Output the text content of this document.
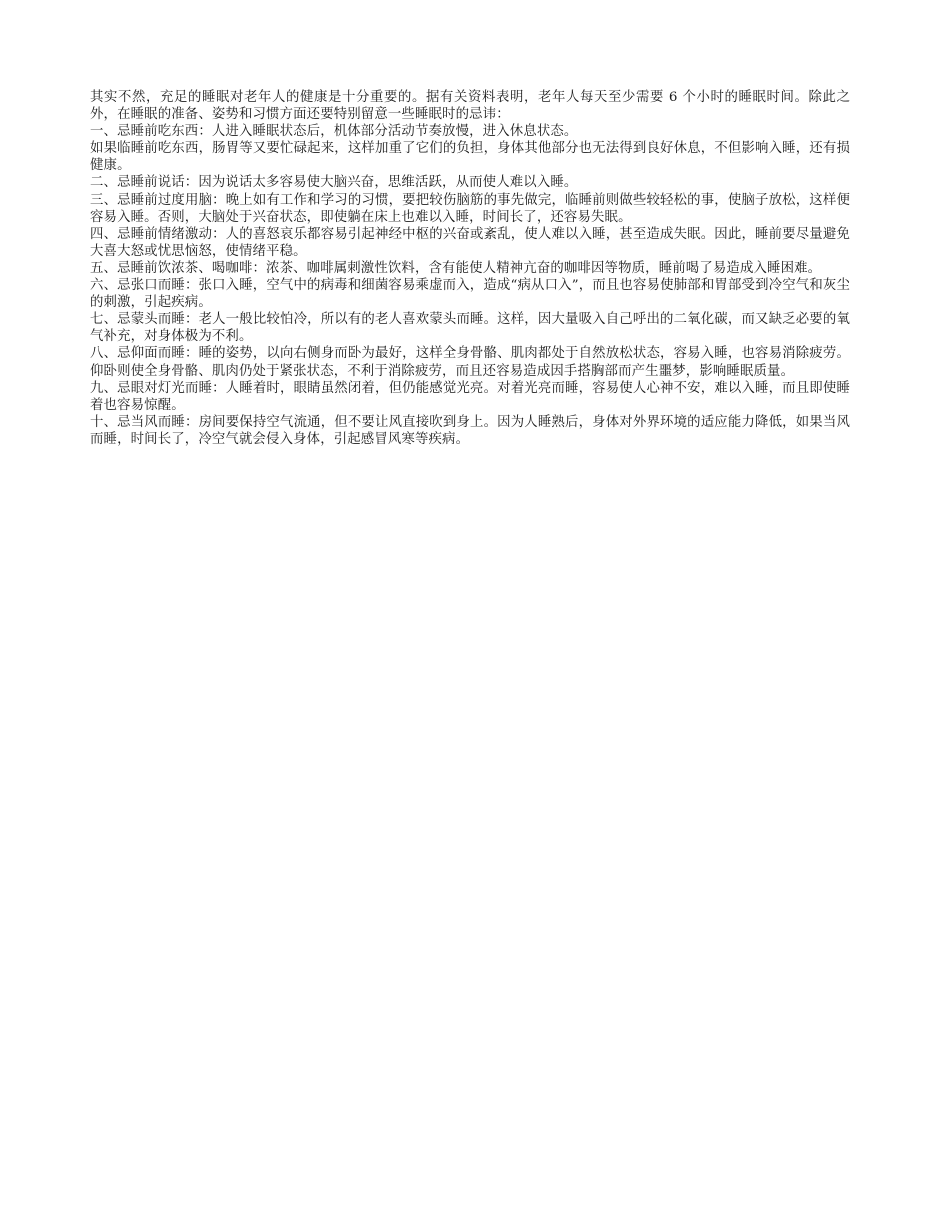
其实不然，充足的睡眠对老年人的健康是十分重要的。据有关资料表明，老年人每天至少需要 6 个小时的睡眠时间。除此之外，在睡眠的准备、姿势和习惯方面还要特别留意一些睡眠时的忌讳：

一、忌睡前吃东西：人进入睡眠状态后，机体部分活动节奏放慢，进入休息状态。

如果临睡前吃东西，肠胃等又要忙碌起来，这样加重了它们的负担，身体其他部分也无法得到良好休息，不但影响入睡，还有损健康。

二、忌睡前说话：因为说话太多容易使大脑兴奋，思维活跃，从而使人难以入睡。

三、忌睡前过度用脑：晚上如有工作和学习的习惯，要把较伤脑筋的事先做完，临睡前则做些较轻松的事，使脑子放松，这样便容易入睡。否则，大脑处于兴奋状态，即使躺在床上也难以入睡，时间长了，还容易失眠。

四、忌睡前情绪激动：人的喜怒哀乐都容易引起神经中枢的兴奋或紊乱，使人难以入睡，甚至造成失眠。因此，睡前要尽量避免大喜大怒或忧思恼怒，使情绪平稳。

五、忌睡前饮浓茶、喝咖啡：浓茶、咖啡属刺激性饮料，含有能使人精神亢奋的咖啡因等物质，睡前喝了易造成入睡困难。

六、忌张口而睡：张口入睡，空气中的病毒和细菌容易乘虚而入，造成“病从口入”，而且也容易使肺部和胃部受到冷空气和灰尘的刺激，引起疾病。

七、忌蒙头而睡：老人一般比较怕冷，所以有的老人喜欢蒙头而睡。这样，因大量吸入自己呼出的二氧化碳，而又缺乏必要的氧气补充，对身体极为不利。

八、忌仰面而睡：睡的姿势，以向右侧身而卧为最好，这样全身骨骼、肌肉都处于自然放松状态，容易入睡，也容易消除疲劳。仰卧则使全身骨骼、肌肉仍处于紧张状态，不利于消除疲劳，而且还容易造成因手搭胸部而产生噩梦，影响睡眠质量。

九、忌眼对灯光而睡：人睡着时，眼睛虽然闭着，但仍能感觉光亮。对着光亮而睡，容易使人心神不安，难以入睡，而且即使睡着也容易惊醒。

十、忌当风而睡：房间要保持空气流通，但不要让风直接吹到身上。因为人睡熟后，身体对外界环境的适应能力降低，如果当风而睡，时间长了，冷空气就会侵入身体，引起感冒风寒等疾病。
